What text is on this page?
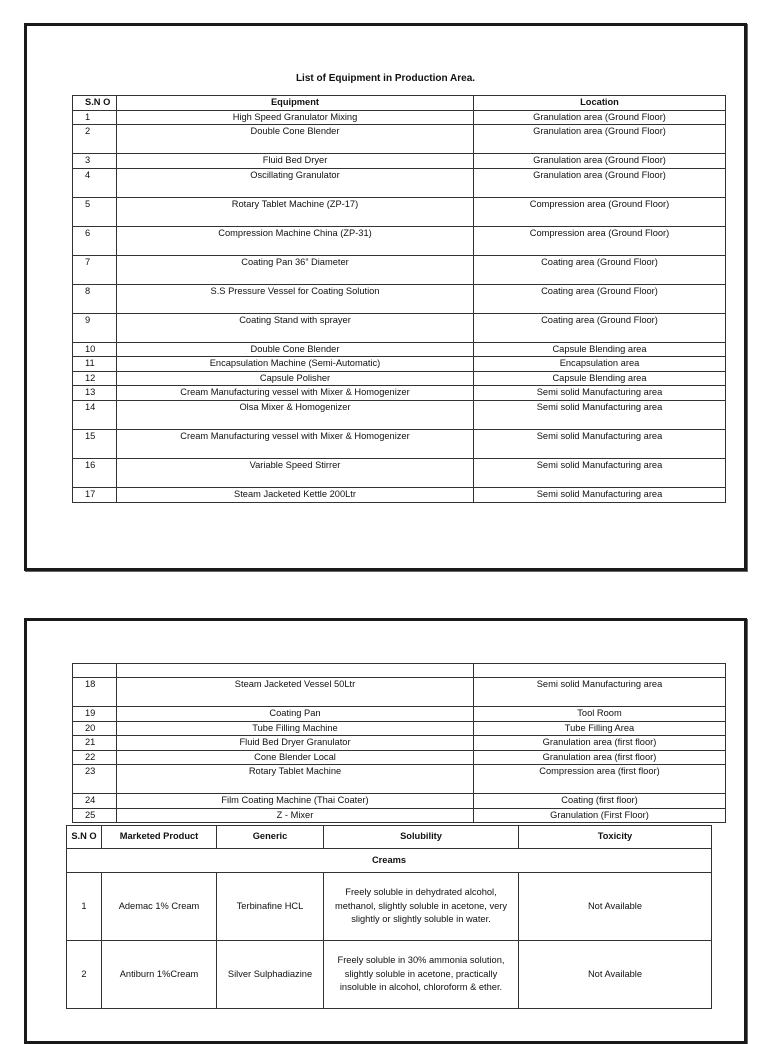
List of Equipment in Production Area.
S.N O	Equipment	Location
1	High Speed Granulator Mixing	Granulation area (Ground Floor)
2	Double Cone Blender	Granulation area (Ground Floor)
3	Fluid Bed Dryer	Granulation area (Ground Floor)
4	Oscillating Granulator	Granulation area (Ground Floor)
5	Rotary Tablet Machine (ZP-17)	Compression area (Ground Floor)
6	Compression Machine China (ZP-31)	Compression area (Ground Floor)
7	Coating Pan 36” Diameter	Coating area (Ground Floor)
8	S.S Pressure Vessel for Coating Solution	Coating area (Ground Floor)
9	Coating Stand with sprayer	Coating area (Ground Floor)
10	Double Cone Blender	Capsule Blending area
11	Encapsulation Machine (Semi-Automatic)	Encapsulation area
12	Capsule Polisher	Capsule Blending area
13	Cream Manufacturing vessel with Mixer & Homogenizer	Semi solid Manufacturing area
14	Olsa Mixer & Homogenizer	Semi solid Manufacturing area
15	Cream Manufacturing vessel with Mixer & Homogenizer	Semi solid Manufacturing area
16	Variable Speed Stirrer	Semi solid Manufacturing area
17	Steam Jacketed Kettle 200Ltr	Semi solid Manufacturing area

18	Steam Jacketed Vessel 50Ltr	Semi solid Manufacturing area
19	Coating Pan	Tool Room
20	Tube Filling Machine	Tube Filling Area
21	Fluid Bed Dryer Granulator	Granulation area (first floor)
22	Cone Blender Local	Granulation area (first floor)
23	Rotary Tablet Machine	Compression area (first floor)
24	Film Coating Machine (Thai Coater)	Coating (first floor)
25	Z - Mixer	Granulation (First Floor)
S.N O	Marketed Product	Generic	Solubility	Toxicity
Creams				
1	Ademac 1% Cream	Terbinafine HCL	Freely soluble in dehydrated alcohol, methanol, slightly soluble in acetone, very slightly or slightly soluble in water.	Not Available
2	Antiburn 1%Cream	Silver Sulphadiazine	Freely soluble in 30% ammonia solution, slightly soluble in acetone, practically insoluble in alcohol, chloroform & ether.	Not Available
